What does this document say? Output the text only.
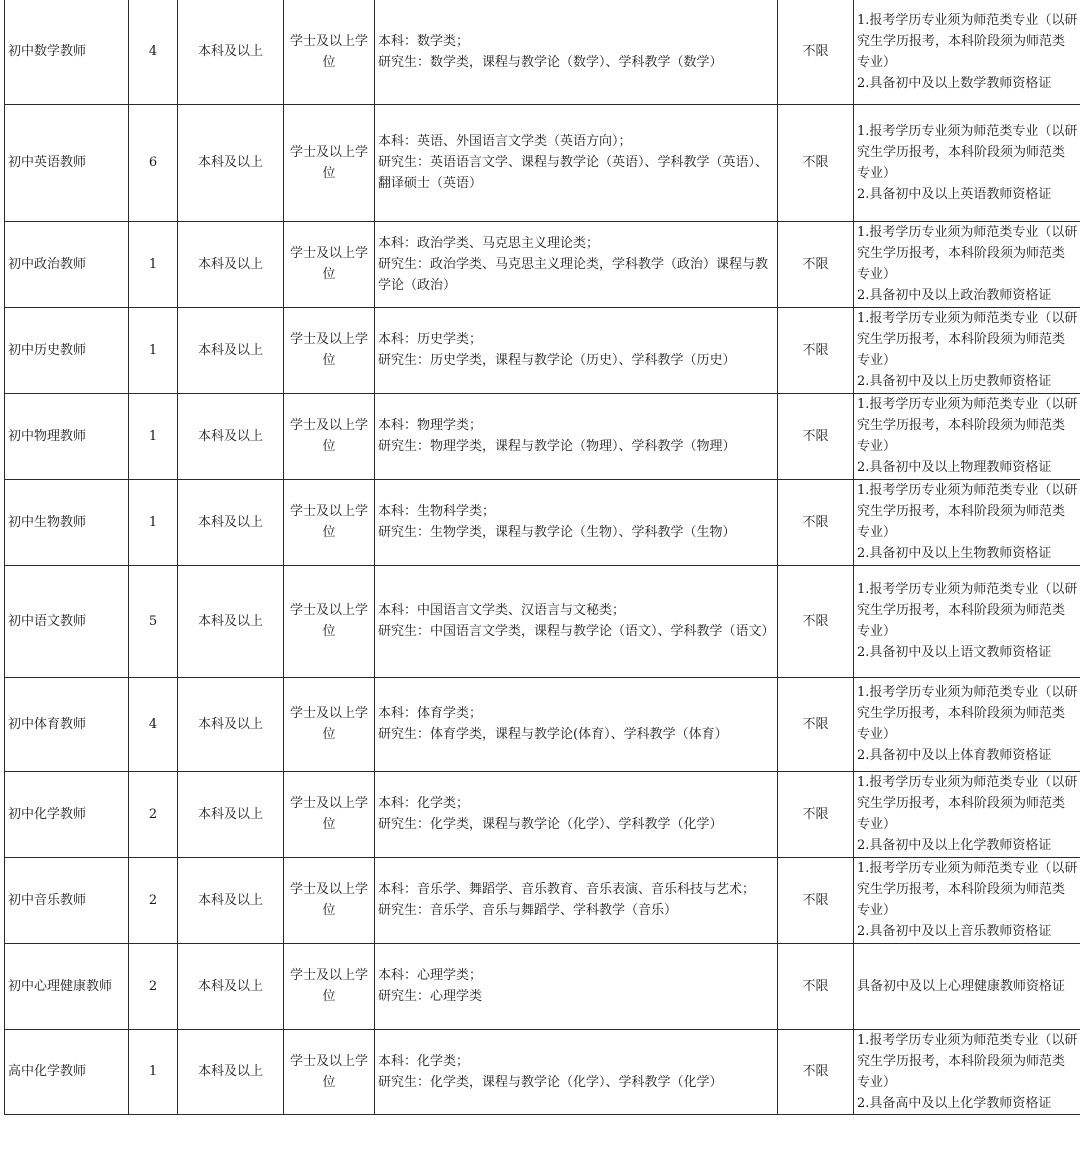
初中数学教师	4	本科及以上	学士及以上学位	本科：数学类；
研究生：数学类，课程与教学论（数学）、学科教学（数学）	不限	1.报考学历专业须为师范类专业（以研究生学历报考，本科阶段须为师范类专业）
2.具备初中及以上数学教师资格证

初中英语教师	6	本科及以上	学士及以上学位	本科：英语、外国语言文学类（英语方向）；
研究生：英语语言文学、课程与教学论（英语）、学科教学（英语）、翻译硕士（英语）	不限	1.报考学历专业须为师范类专业（以研究生学历报考，本科阶段须为师范类专业）
2.具备初中及以上英语教师资格证

初中政治教师	1	本科及以上	学士及以上学位	本科：政治学类、马克思主义理论类；
研究生：政治学类、马克思主义理论类，学科教学（政治）课程与教学论（政治）	不限	1.报考学历专业须为师范类专业（以研究生学历报考，本科阶段须为师范类专业）
2.具备初中及以上政治教师资格证

初中历史教师	1	本科及以上	学士及以上学位	本科：历史学类；
研究生：历史学类，课程与教学论（历史）、学科教学（历史）	不限	1.报考学历专业须为师范类专业（以研究生学历报考，本科阶段须为师范类专业）
2.具备初中及以上历史教师资格证

初中物理教师	1	本科及以上	学士及以上学位	本科：物理学类；
研究生：物理学类，课程与教学论（物理）、学科教学（物理）	不限	1.报考学历专业须为师范类专业（以研究生学历报考，本科阶段须为师范类专业）
2.具备初中及以上物理教师资格证

初中生物教师	1	本科及以上	学士及以上学位	本科：生物科学类；
研究生：生物学类，课程与教学论（生物）、学科教学（生物）	不限	1.报考学历专业须为师范类专业（以研究生学历报考，本科阶段须为师范类专业）
2.具备初中及以上生物教师资格证

初中语文教师	5	本科及以上	学士及以上学位	本科：中国语言文学类、汉语言与文秘类；
研究生：中国语言文学类，课程与教学论（语文）、学科教学（语文）	不限	1.报考学历专业须为师范类专业（以研究生学历报考，本科阶段须为师范类专业）
2.具备初中及以上语文教师资格证

初中体育教师	4	本科及以上	学士及以上学位	本科：体育学类；
研究生：体育学类，课程与教学论(体育）、学科教学（体育）	不限	1.报考学历专业须为师范类专业（以研究生学历报考，本科阶段须为师范类专业）
2.具备初中及以上体育教师资格证

初中化学教师	2	本科及以上	学士及以上学位	本科：化学类；
研究生：化学类，课程与教学论（化学）、学科教学（化学）	不限	1.报考学历专业须为师范类专业（以研究生学历报考，本科阶段须为师范类专业）
2.具备初中及以上化学教师资格证

初中音乐教师	2	本科及以上	学士及以上学位	本科：音乐学、舞蹈学、音乐教育、音乐表演、音乐科技与艺术；
研究生：音乐学、音乐与舞蹈学、学科教学（音乐）	不限	1.报考学历专业须为师范类专业（以研究生学历报考，本科阶段须为师范类专业）
2.具备初中及以上音乐教师资格证

初中心理健康教师	2	本科及以上	学士及以上学位	本科：心理学类；
研究生：心理学类	不限	具备初中及以上心理健康教师资格证

高中化学教师	1	本科及以上	学士及以上学位	本科：化学类；
研究生：化学类，课程与教学论（化学）、学科教学（化学）	不限	1.报考学历专业须为师范类专业（以研究生学历报考，本科阶段须为师范类专业）
2.具备高中及以上化学教师资格证
